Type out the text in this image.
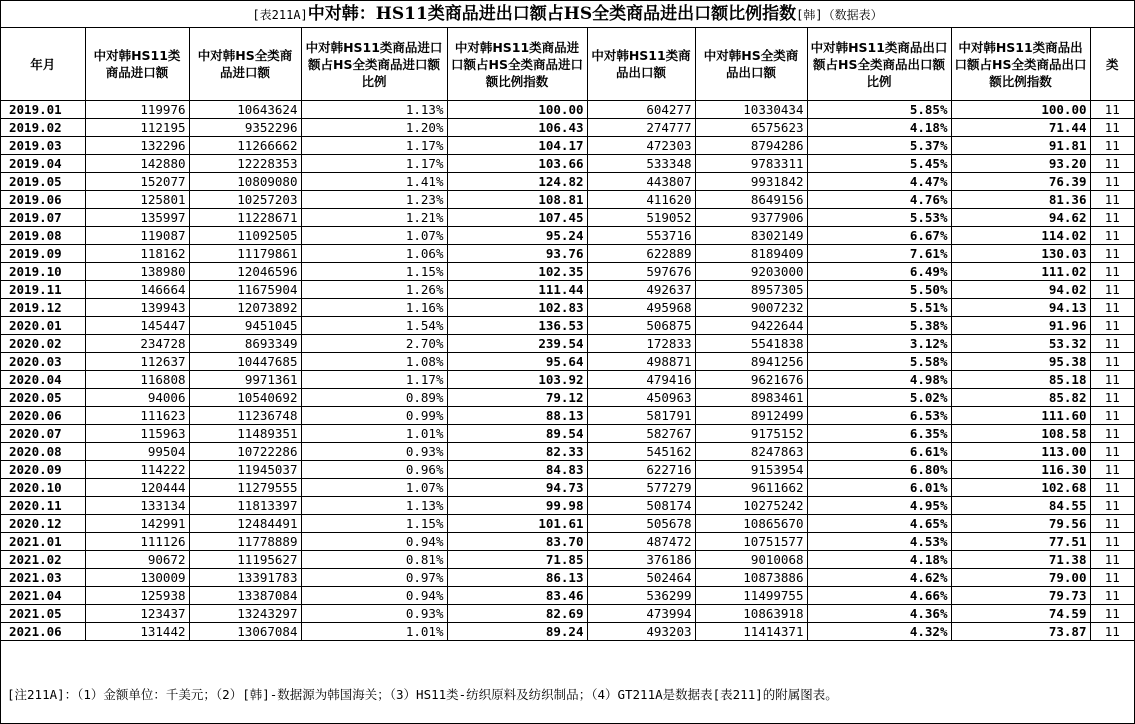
[表211A]中对韩：HS11类商品进出口额占HS全类商品进出口额比例指数[韩]（数据表）
年月	中对韩HS11类商品进口额	中对韩HS全类商品进口额	中对韩HS11类商品进口额占HS全类商品进口额比例	中对韩HS11类商品进口额占HS全类商品进口额比例指数	中对韩HS11类商品出口额	中对韩HS全类商品出口额	中对韩HS11类商品出口额占HS全类商品出口额比例	中对韩HS11类商品出口额占HS全类商品出口额比例指数	类
2019.01	119976	10643624	1.13%	100.00	604277	10330434	5.85%	100.00	11
2019.02	112195	9352296	1.20%	106.43	274777	6575623	4.18%	71.44	11
2019.03	132296	11266662	1.17%	104.17	472303	8794286	5.37%	91.81	11
2019.04	142880	12228353	1.17%	103.66	533348	9783311	5.45%	93.20	11
2019.05	152077	10809080	1.41%	124.82	443807	9931842	4.47%	76.39	11
2019.06	125801	10257203	1.23%	108.81	411620	8649156	4.76%	81.36	11
2019.07	135997	11228671	1.21%	107.45	519052	9377906	5.53%	94.62	11
2019.08	119087	11092505	1.07%	95.24	553716	8302149	6.67%	114.02	11
2019.09	118162	11179861	1.06%	93.76	622889	8189409	7.61%	130.03	11
2019.10	138980	12046596	1.15%	102.35	597676	9203000	6.49%	111.02	11
2019.11	146664	11675904	1.26%	111.44	492637	8957305	5.50%	94.02	11
2019.12	139943	12073892	1.16%	102.83	495968	9007232	5.51%	94.13	11
2020.01	145447	9451045	1.54%	136.53	506875	9422644	5.38%	91.96	11
2020.02	234728	8693349	2.70%	239.54	172833	5541838	3.12%	53.32	11
2020.03	112637	10447685	1.08%	95.64	498871	8941256	5.58%	95.38	11
2020.04	116808	9971361	1.17%	103.92	479416	9621676	4.98%	85.18	11
2020.05	94006	10540692	0.89%	79.12	450963	8983461	5.02%	85.82	11
2020.06	111623	11236748	0.99%	88.13	581791	8912499	6.53%	111.60	11
2020.07	115963	11489351	1.01%	89.54	582767	9175152	6.35%	108.58	11
2020.08	99504	10722286	0.93%	82.33	545162	8247863	6.61%	113.00	11
2020.09	114222	11945037	0.96%	84.83	622716	9153954	6.80%	116.30	11
2020.10	120444	11279555	1.07%	94.73	577279	9611662	6.01%	102.68	11
2020.11	133134	11813397	1.13%	99.98	508174	10275242	4.95%	84.55	11
2020.12	142991	12484491	1.15%	101.61	505678	10865670	4.65%	79.56	11
2021.01	111126	11778889	0.94%	83.70	487472	10751577	4.53%	77.51	11
2021.02	90672	11195627	0.81%	71.85	376186	9010068	4.18%	71.38	11
2021.03	130009	13391783	0.97%	86.13	502464	10873886	4.62%	79.00	11
2021.04	125938	13387084	0.94%	83.46	536299	11499755	4.66%	79.73	11
2021.05	123437	13243297	0.93%	82.69	473994	10863918	4.36%	74.59	11
2021.06	131442	13067084	1.01%	89.24	493203	11414371	4.32%	73.87	11
[注211A]：（1）金额单位：千美元；（2）[韩]-数据源为韩国海关；（3）HS11类-纺织原料及纺织制品；（4）GT211A是数据表[表211]的附属图表。
